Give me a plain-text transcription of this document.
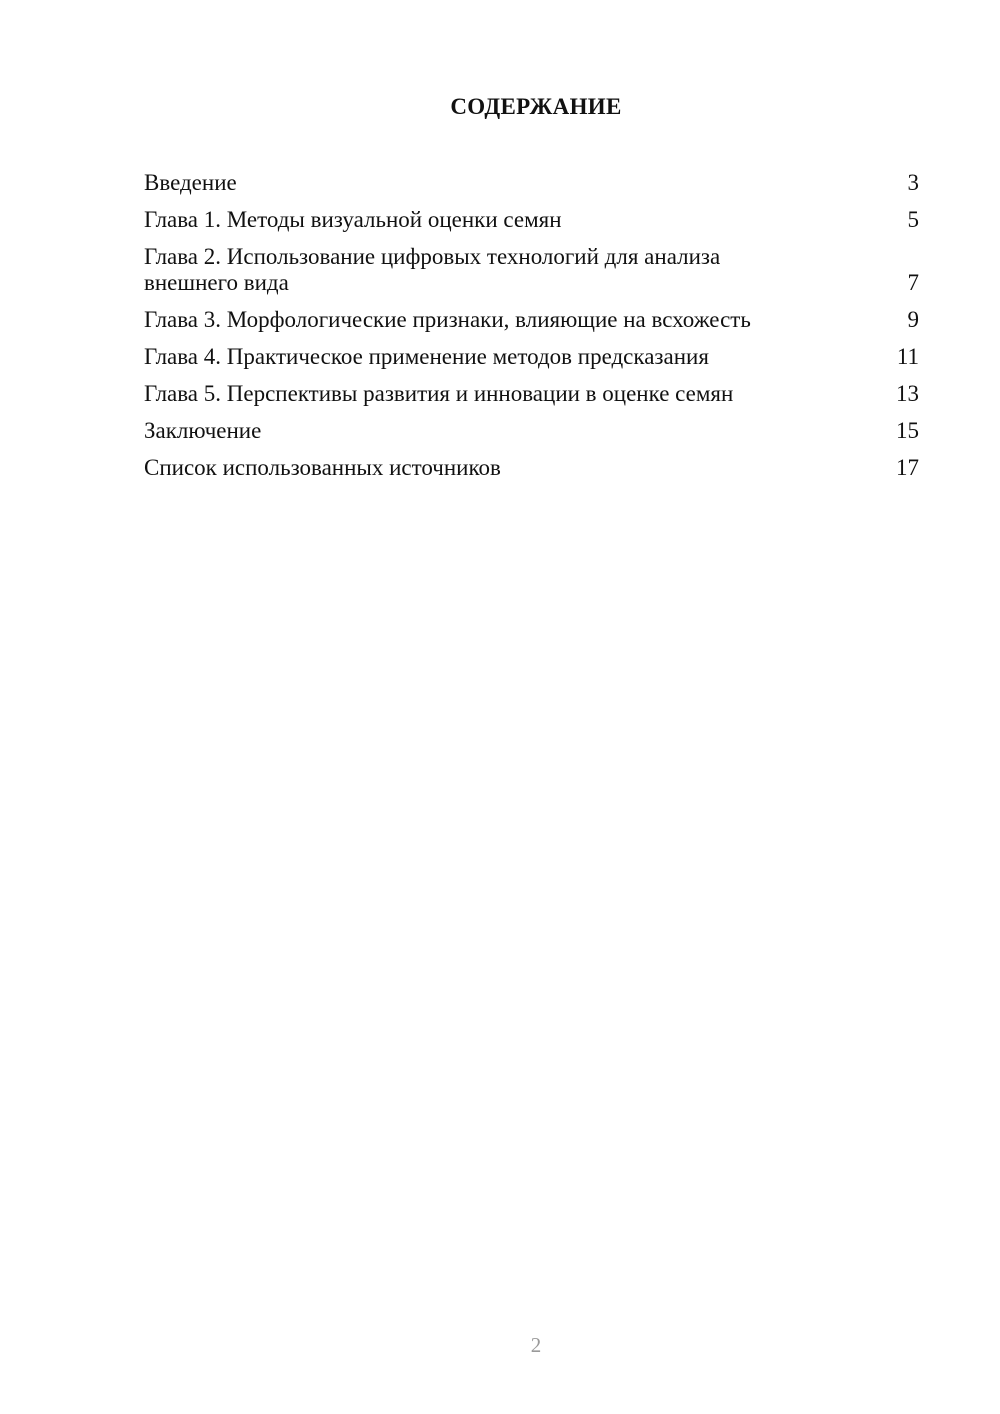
СОДЕРЖАНИЕ
Введение	3
Глава 1. Методы визуальной оценки семян	5
Глава 2. Использование цифровых технологий для анализа внешнего вида	7
Глава 3. Морфологические признаки, влияющие на всхожесть	9
Глава 4. Практическое применение методов предсказания	11
Глава 5. Перспективы развития и инновации в оценке семян	13
Заключение	15
Список использованных источников	17
2
